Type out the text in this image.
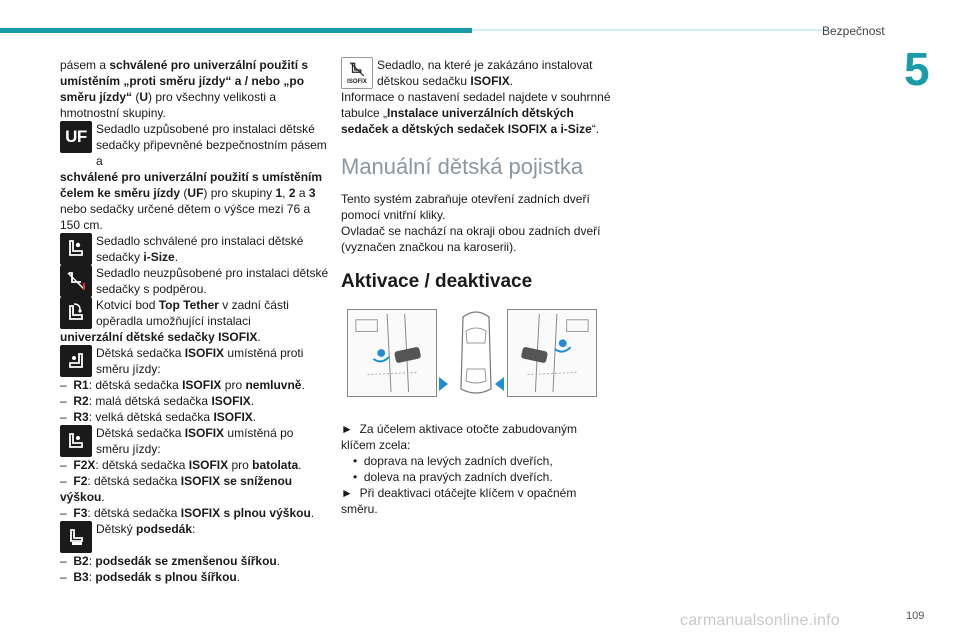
Bezpečnost
5

pásem a schválené pro univerzální použití s umístěním „proti směru jízdy“ a / nebo „po směru jízdy“ (U) pro všechny velikosti a hmotnostní skupiny.

UF Sedadlo uzpůsobené pro instalaci dětské sedačky připevněné bezpečnostním pásem a

schválené pro univerzální použití s umístěním čelem ke směru jízdy (UF) pro skupiny 1, 2 a 3 nebo sedačky určené dětem o výšce mezi 76 a 150 cm.

Sedadlo schválené pro instalaci dětské sedačky i-Size.
Sedadlo neuzpůsobené pro instalaci dětské sedačky s podpěrou.
Kotvicí bod Top Tether v zadní části opěradla umožňující instalaci

univerzální dětské sedačky ISOFIX.

Dětská sedačka ISOFIX umístěná proti směru jízdy:

– R1: dětská sedačka ISOFIX pro nemluvně.

– R2: malá dětská sedačka ISOFIX.

– R3: velká dětská sedačka ISOFIX.

Dětská sedačka ISOFIX umístěná po směru jízdy:

– F2X: dětská sedačka ISOFIX pro batolata.

– F2: dětská sedačka ISOFIX se sníženou výškou.

– F3: dětská sedačka ISOFIX s plnou výškou.

Dětský podsedák:

– B2: podsedák se zmenšenou šířkou.

– B3: podsedák s plnou šířkou.

ISOFIX
Sedadlo, na které je zakázáno instalovat dětskou sedačku ISOFIX.

Informace o nastavení sedadel najdete v souhrnné tabulce „Instalace univerzálních dětských sedaček a dětských sedaček ISOFIX a i-Size“.

Manuální dětská pojistka

Tento systém zabraňuje otevření zadních dveří pomocí vnitřní kliky.

Ovladač se nachází na okraji obou zadních dveří (vyznačen značkou na karoserii).

Aktivace / deaktivace

► Za účelem aktivace otočte zabudovaným klíčem zcela:

• doprava na levých zadních dveřích,

• doleva na pravých zadních dveřích.

► Při deaktivaci otáčejte klíčem v opačném směru.

carmanualsonline.info	109
